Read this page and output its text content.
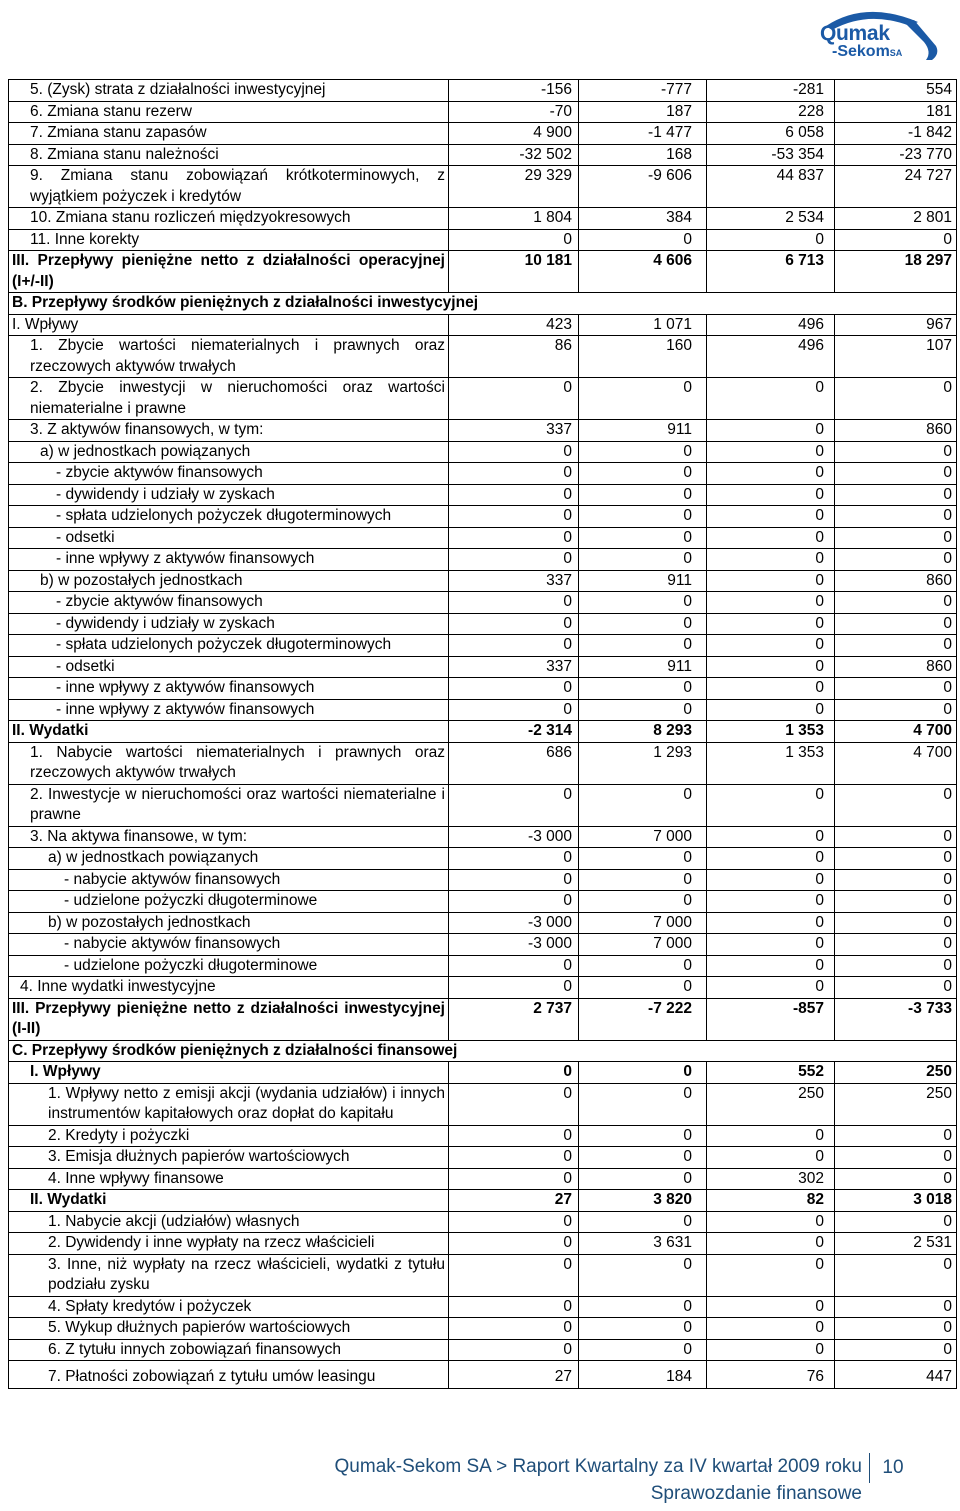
Qumak
‑SekomSA
5. (Zysk) strata z działalności inwestycyjnej	-156	-777	-281	554
6. Zmiana stanu rezerw	-70	187	228	181
7. Zmiana stanu zapasów	4 900	-1 477	6 058	-1 842
8. Zmiana stanu należności	-32 502	168	-53 354	-23 770
9. Zmiana stanu zobowiązań krótkoterminowych, z wyjątkiem pożyczek i kredytów	29 329	-9 606	44 837	24 727
10. Zmiana stanu rozliczeń międzyokresowych	1 804	384	2 534	2 801
11. Inne korekty	0	0	0	0
III. Przepływy pieniężne netto z działalności operacyjnej (I+/-II)	10 181	4 606	6 713	18 297
B. Przepływy środków pieniężnych z działalności inwestycyjnej				
I. Wpływy	423	1 071	496	967
1. Zbycie wartości niematerialnych i prawnych oraz rzeczowych aktywów trwałych	86	160	496	107
2. Zbycie inwestycji w nieruchomości oraz wartości niematerialne i prawne	0	0	0	0
3. Z aktywów finansowych, w tym:	337	911	0	860
a) w jednostkach powiązanych	0	0	0	0
- zbycie aktywów finansowych	0	0	0	0
- dywidendy i udziały w zyskach	0	0	0	0
- spłata udzielonych pożyczek długoterminowych	0	0	0	0
- odsetki	0	0	0	0
- inne wpływy z aktywów finansowych	0	0	0	0
b) w pozostałych jednostkach	337	911	0	860
- zbycie aktywów finansowych	0	0	0	0
- dywidendy i udziały w zyskach	0	0	0	0
- spłata udzielonych pożyczek długoterminowych	0	0	0	0
- odsetki	337	911	0	860
- inne wpływy z aktywów finansowych	0	0	0	0
- inne wpływy z aktywów finansowych	0	0	0	0
II. Wydatki	-2 314	8 293	1 353	4 700
1. Nabycie wartości niematerialnych i prawnych oraz rzeczowych aktywów trwałych	686	1 293	1 353	4 700
2. Inwestycje w nieruchomości oraz wartości niematerialne i prawne	0	0	0	0
3. Na aktywa finansowe, w tym:	-3 000	7 000	0	0
a) w jednostkach powiązanych	0	0	0	0
- nabycie aktywów finansowych	0	0	0	0
- udzielone pożyczki długoterminowe	0	0	0	0
b) w pozostałych jednostkach	-3 000	7 000	0	0
- nabycie aktywów finansowych	-3 000	7 000	0	0
- udzielone pożyczki długoterminowe	0	0	0	0
4. Inne wydatki inwestycyjne	0	0	0	0
III. Przepływy pieniężne netto z działalności inwestycyjnej (I-II)	2 737	-7 222	-857	-3 733
C. Przepływy środków pieniężnych z działalności finansowej				
I. Wpływy	0	0	552	250
1. Wpływy netto z emisji akcji (wydania udziałów) i innych instrumentów kapitałowych oraz dopłat do kapitału	0	0	250	250
2. Kredyty i pożyczki	0	0	0	0
3. Emisja dłużnych papierów wartościowych	0	0	0	0
4. Inne wpływy finansowe	0	0	302	0
II. Wydatki	27	3 820	82	3 018
1. Nabycie akcji (udziałów) własnych	0	0	0	0
2. Dywidendy i inne wypłaty na rzecz właścicieli	0	3 631	0	2 531
3. Inne, niż wypłaty na rzecz właścicieli, wydatki z tytułu podziału zysku	0	0	0	0
4. Spłaty kredytów i pożyczek	0	0	0	0
5. Wykup dłużnych papierów wartościowych	0	0	0	0
6. Z tytułu innych zobowiązań finansowych	0	0	0	0
7. Płatności zobowiązań z tytułu umów leasingu	27	184	76	447
Qumak-Sekom SA > Raport Kwartalny za IV kwartał 2009 roku
Sprawozdanie finansowe
10
